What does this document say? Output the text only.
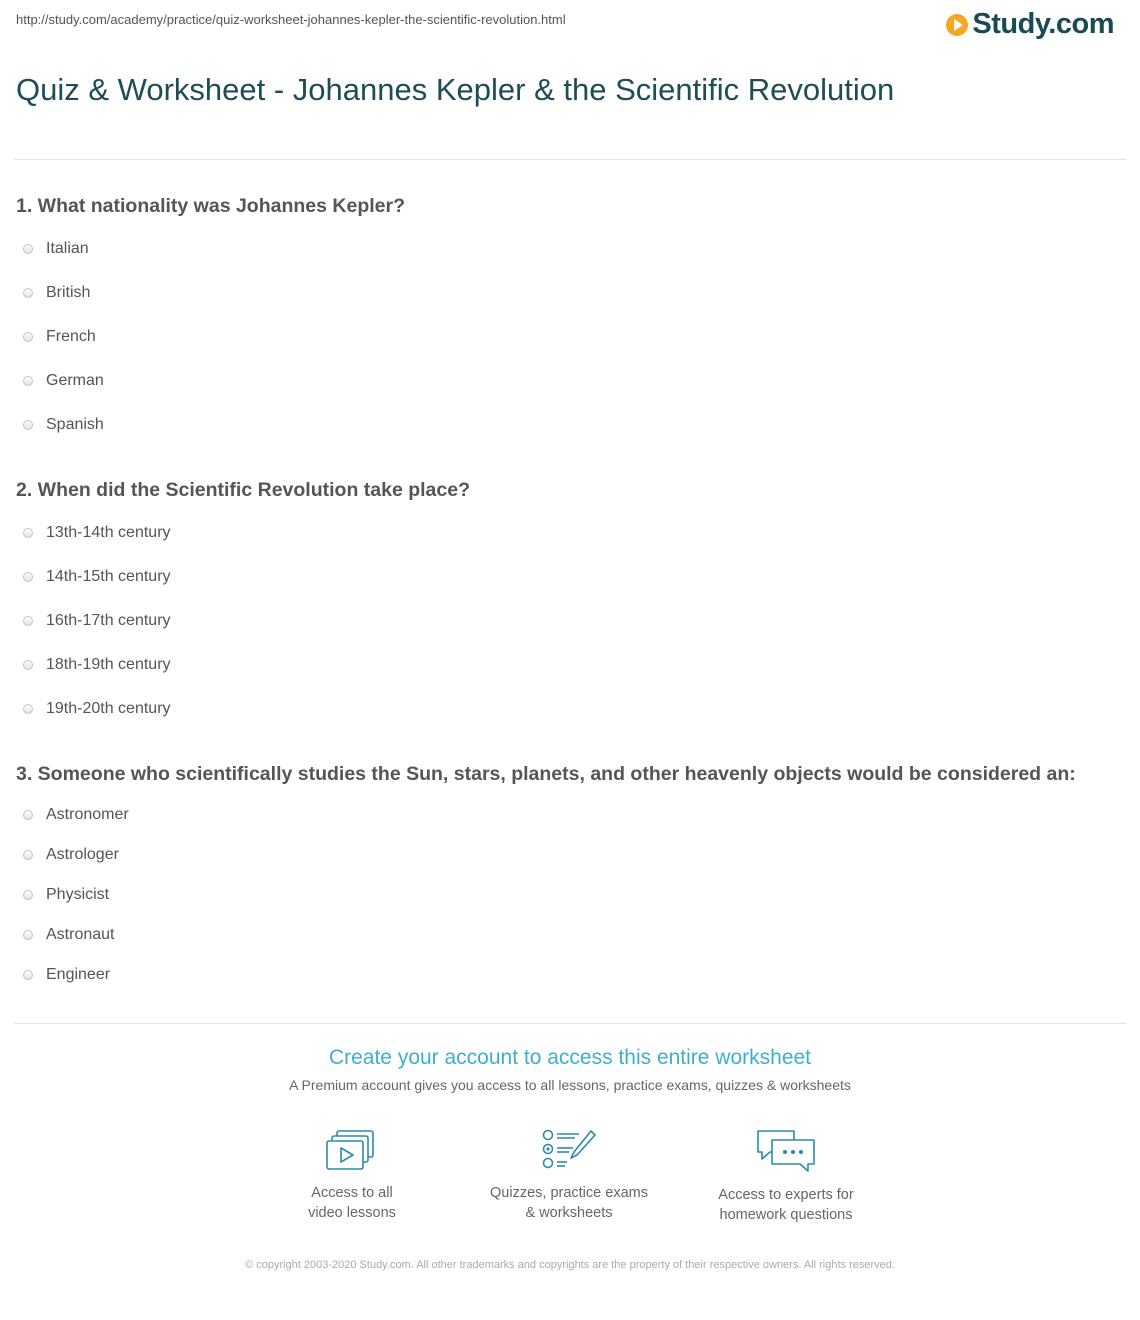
http://study.com/academy/practice/quiz-worksheet-johannes-kepler-the-scientific-revolution.html	Study.com
Quiz & Worksheet - Johannes Kepler & the Scientific Revolution
1. What nationality was Johannes Kepler?
Italian
British
French
German
Spanish
2. When did the Scientific Revolution take place?
13th-14th century
14th-15th century
16th-17th century
18th-19th century
19th-20th century
3. Someone who scientifically studies the Sun, stars, planets, and other heavenly objects would be considered an:
Astronomer
Astrologer
Physicist
Astronaut
Engineer
Create your account to access this entire worksheet
A Premium account gives you access to all lessons, practice exams, quizzes & worksheets
Access to all
video lessons
Quizzes, practice exams
& worksheets
Access to experts for
homework questions
© copyright 2003-2020 Study.com. All other trademarks and copyrights are the property of their respective owners. All rights reserved.
